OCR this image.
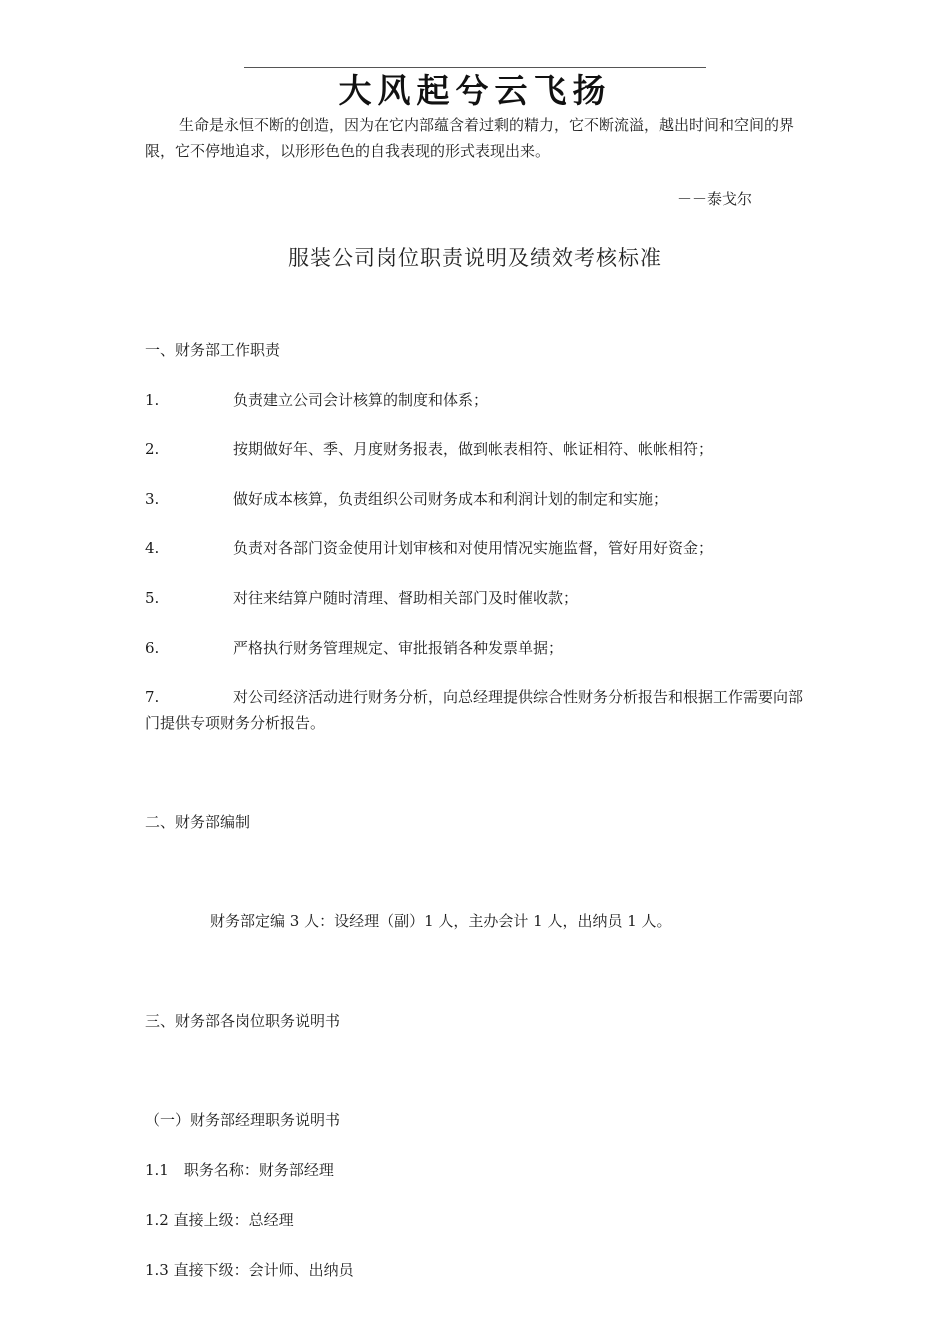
大风起兮云飞扬
生命是永恒不断的创造，因为在它内部蕴含着过剩的精力，它不断流溢，越出时间和空间的界限，它不停地追求，以形形色色的自我表现的形式表现出来。
－－泰戈尔
服装公司岗位职责说明及绩效考核标准
一、财务部工作职责
1.	负责建立公司会计核算的制度和体系；
2.	按期做好年、季、月度财务报表，做到帐表相符、帐证相符、帐帐相符；
3.	做好成本核算，负责组织公司财务成本和利润计划的制定和实施；
4.	负责对各部门资金使用计划审核和对使用情况实施监督，管好用好资金；
5.	对往来结算户随时清理、督助相关部门及时催收款；
6.	严格执行财务管理规定、审批报销各种发票单据；
7.	对公司经济活动进行财务分析，向总经理提供综合性财务分析报告和根据工作需要向部门提供专项财务分析报告。
二、财务部编制
财务部定编 3 人：设经理（副）1 人，主办会计 1 人，出纳员 1 人。
三、财务部各岗位职务说明书
（一）财务部经理职务说明书
1.1　职务名称：财务部经理
1.2 直接上级：总经理
1.3 直接下级：会计师、出纳员
